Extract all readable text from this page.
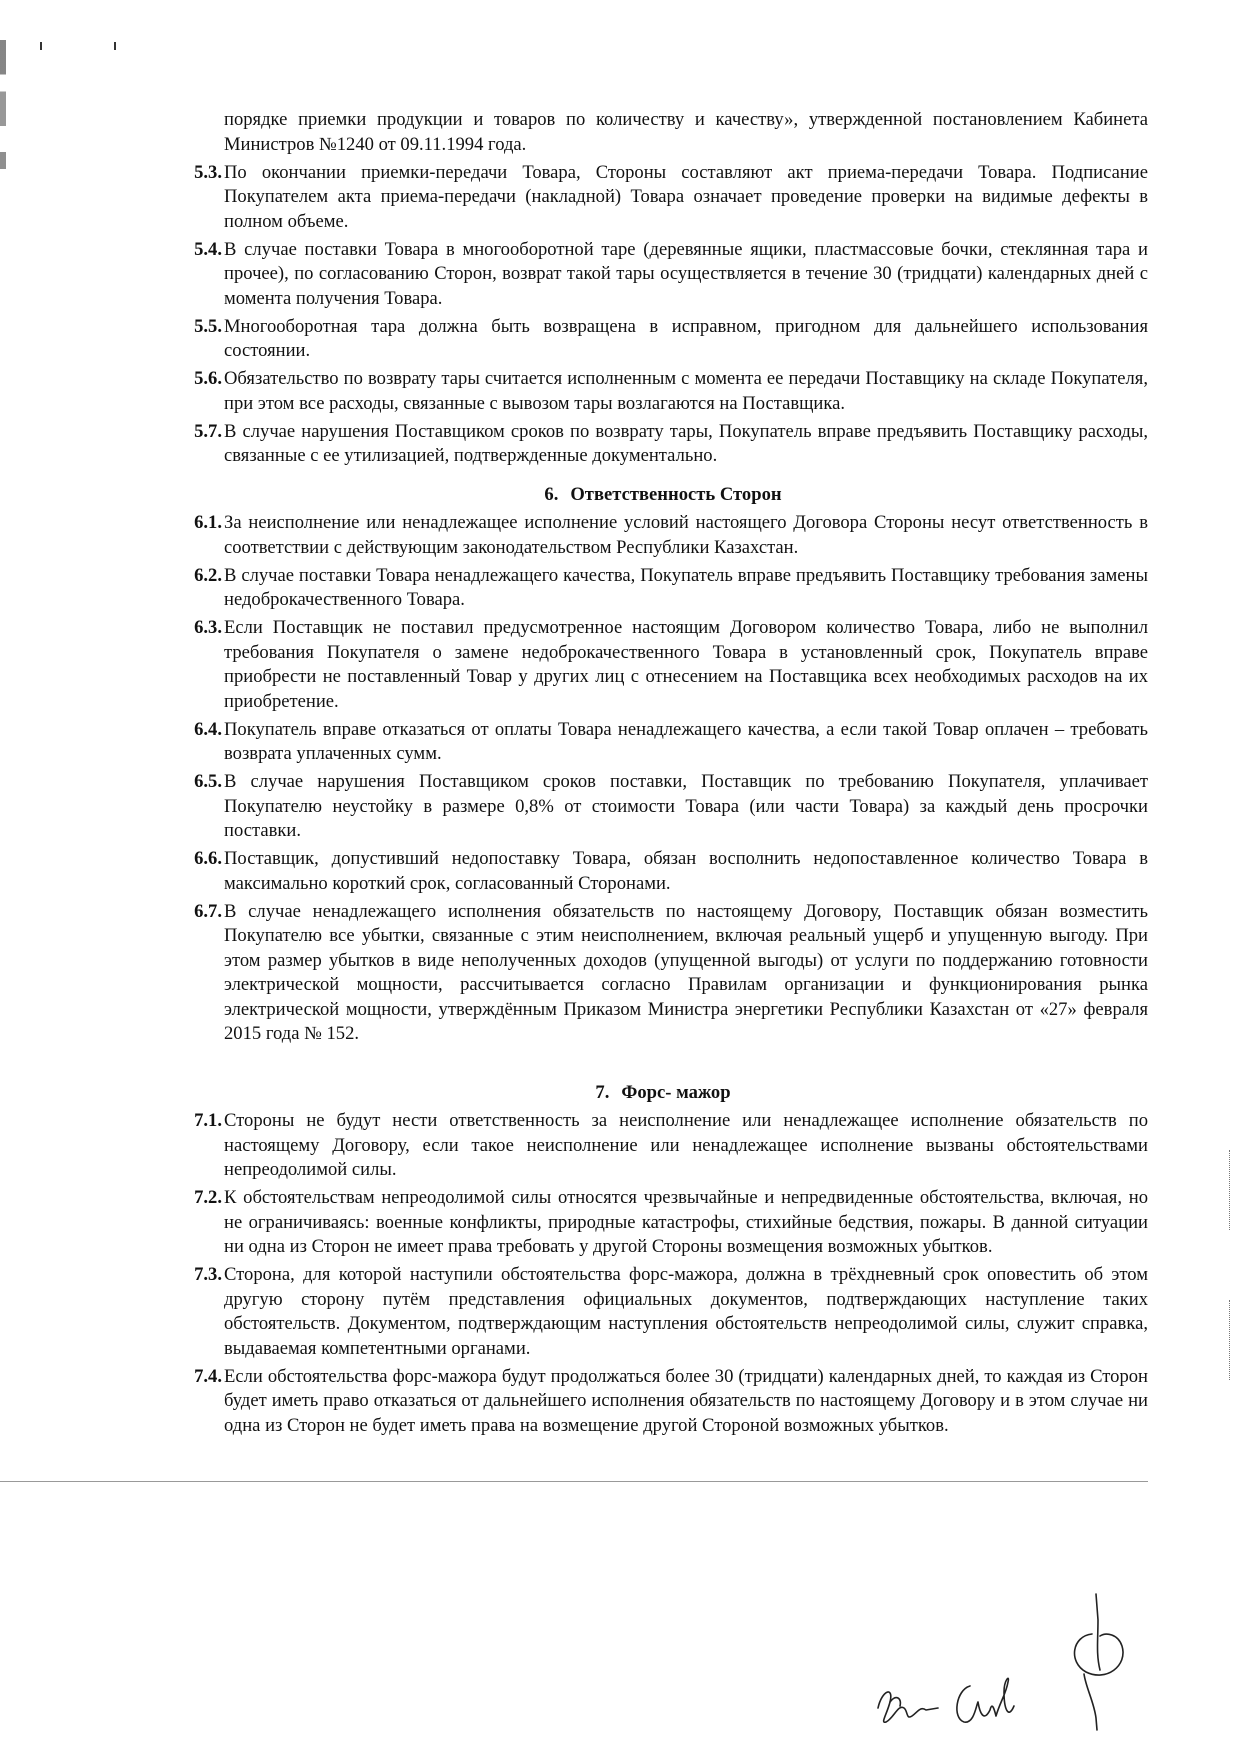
порядке приемки продукции и товаров по количеству и качеству», утвержденной постановлением Кабинета Министров №1240 от 09.11.1994 года.

5.3. По окончании приемки-передачи Товара, Стороны составляют акт приема-передачи Товара. Подписание Покупателем акта приема-передачи (накладной) Товара означает проведение проверки на видимые дефекты в полном объеме.

5.4. В случае поставки Товара в многооборотной таре (деревянные ящики, пластмассовые бочки, стеклянная тара и прочее), по согласованию Сторон, возврат такой тары осуществляется в течение 30 (тридцати) календарных дней с момента получения Товара.

5.5. Многооборотная тара должна быть возвращена в исправном, пригодном для дальнейшего использования состоянии.

5.6. Обязательство по возврату тары считается исполненным с момента ее передачи Поставщику на складе Покупателя, при этом все расходы, связанные с вывозом тары возлагаются на Поставщика.

5.7. В случае нарушения Поставщиком сроков по возврату тары, Покупатель вправе предъявить Поставщику расходы, связанные с ее утилизацией, подтвержденные документально.

6. Ответственность Сторон

6.1. За неисполнение или ненадлежащее исполнение условий настоящего Договора Стороны несут ответственность в соответствии с действующим законодательством Республики Казахстан.

6.2. В случае поставки Товара ненадлежащего качества, Покупатель вправе предъявить Поставщику требования замены недоброкачественного Товара.

6.3. Если Поставщик не поставил предусмотренное настоящим Договором количество Товара, либо не выполнил требования Покупателя о замене недоброкачественного Товара в установленный срок, Покупатель вправе приобрести не поставленный Товар у других лиц с отнесением на Поставщика всех необходимых расходов на их приобретение.

6.4. Покупатель вправе отказаться от оплаты Товара ненадлежащего качества, а если такой Товар оплачен – требовать возврата уплаченных сумм.

6.5. В случае нарушения Поставщиком сроков поставки, Поставщик по требованию Покупателя, уплачивает Покупателю неустойку в размере 0,8% от стоимости Товара (или части Товара) за каждый день просрочки поставки.

6.6. Поставщик, допустивший недопоставку Товара, обязан восполнить недопоставленное количество Товара в максимально короткий срок, согласованный Сторонами.

6.7. В случае ненадлежащего исполнения обязательств по настоящему Договору, Поставщик обязан возместить Покупателю все убытки, связанные с этим неисполнением, включая реальный ущерб и упущенную выгоду. При этом размер убытков в виде неполученных доходов (упущенной выгоды) от услуги по поддержанию готовности электрической мощности, рассчитывается согласно Правилам организации и функционирования рынка электрической мощности, утверждённым Приказом Министра энергетики Республики Казахстан от «27» февраля 2015 года № 152.

7. Форс- мажор

7.1. Стороны не будут нести ответственность за неисполнение или ненадлежащее исполнение обязательств по настоящему Договору, если такое неисполнение или ненадлежащее исполнение вызваны обстоятельствами непреодолимой силы.

7.2. К обстоятельствам непреодолимой силы относятся чрезвычайные и непредвиденные обстоятельства, включая, но не ограничиваясь: военные конфликты, природные катастрофы, стихийные бедствия, пожары. В данной ситуации ни одна из Сторон не имеет права требовать у другой Стороны возмещения возможных убытков.

7.3. Сторона, для которой наступили обстоятельства форс-мажора, должна в трёхдневный срок оповестить об этом другую сторону путём представления официальных документов, подтверждающих наступление таких обстоятельств. Документом, подтверждающим наступления обстоятельств непреодолимой силы, служит справка, выдаваемая компетентными органами.

7.4. Если обстоятельства форс-мажора будут продолжаться более 30 (тридцати) календарных дней, то каждая из Сторон будет иметь право отказаться от дальнейшего исполнения обязательств по настоящему Договору и в этом случае ни одна из Сторон не будет иметь права на возмещение другой Стороной возможных убытков.
